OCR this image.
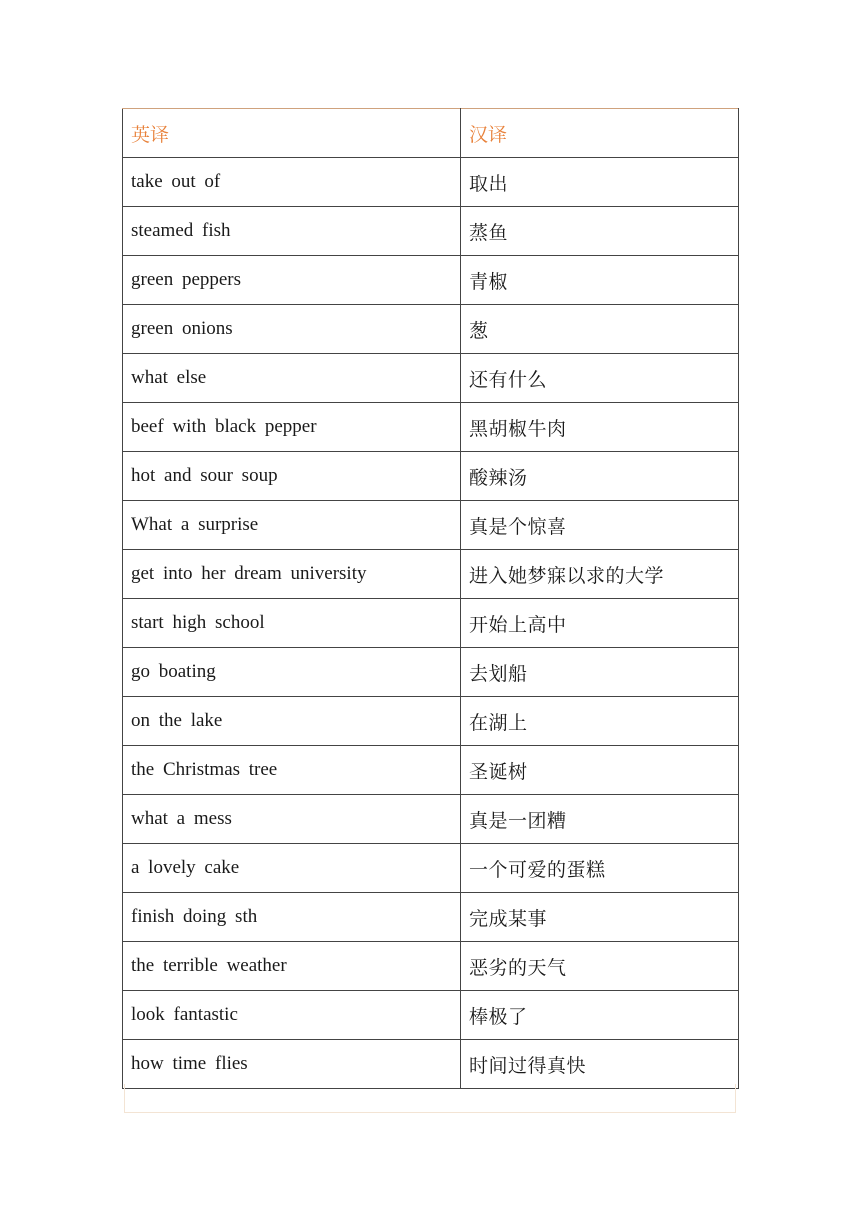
英译	汉译
take out of	取出
steamed fish	蒸鱼
green peppers	青椒
green onions	葱
what else	还有什么
beef with black pepper	黑胡椒牛肉
hot and sour soup	酸辣汤
What a surprise	真是个惊喜
get into her dream university	进入她梦寐以求的大学
start high school	开始上高中
go boating	去划船
on the lake	在湖上
the Christmas tree	圣诞树
what a mess	真是一团糟
a lovely cake	一个可爱的蛋糕
finish doing sth	完成某事
the terrible weather	恶劣的天气
look fantastic	棒极了
how time flies	时间过得真快
